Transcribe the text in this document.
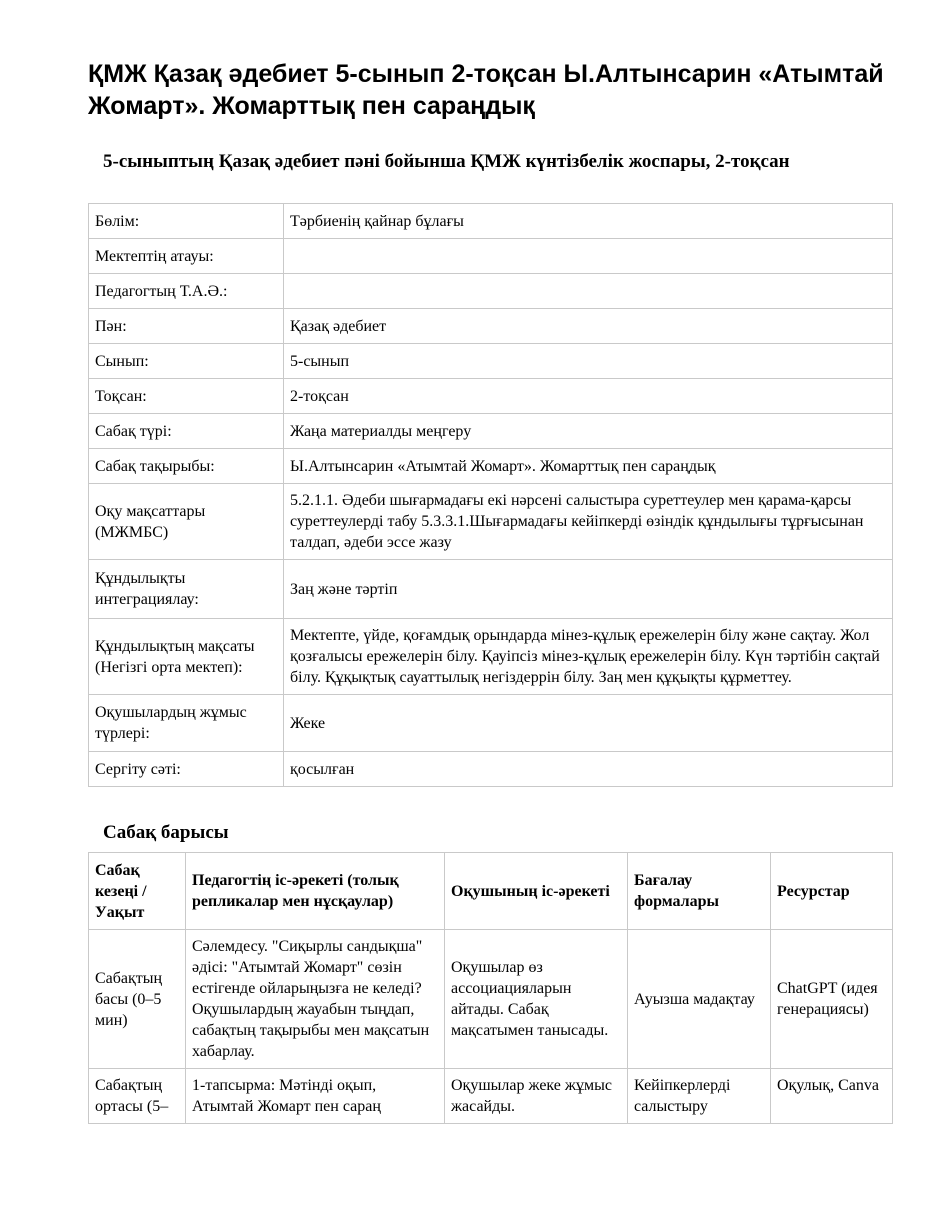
ҚМЖ Қазақ әдебиет 5-сынып 2-тоқсан Ы.Алтынсарин «Атымтай Жомарт». Жомарттық пен сараңдық
5-сыныптың Қазақ әдебиет пәні бойынша ҚМЖ күнтізбелік жоспары, 2-тоқсан
Бөлім:	Тәрбиенің қайнар бұлағы
Мектептің атауы:	
Педагогтың Т.А.Ә.:	
Пән:	Қазақ әдебиет
Сынып:	5-сынып
Тоқсан:	2-тоқсан
Сабақ түрі:	Жаңа материалды меңгеру
Сабақ тақырыбы:	Ы.Алтынсарин «Атымтай Жомарт». Жомарттық пен сараңдық
Оқу мақсаттары (МЖМБС)	5.2.1.1. Әдеби шығармадағы екі нәрсені салыстыра суреттеулер мен қарама-қарсы суреттеулерді табу 5.3.3.1.Шығармадағы кейіпкерді өзіндік құндылығы тұрғысынан талдап, әдеби эссе жазу
Құндылықты интеграциялау:	Заң және тәртіп
Құндылықтың мақсаты (Негізгі орта мектеп):	Мектепте, үйде, қоғамдық орындарда мінез-құлық ережелерін білу және сақтау. Жол қозғалысы ережелерін білу. Қауіпсіз мінез-құлық ережелерін білу. Күн тәртібін сақтай білу. Құқықтық сауаттылық негіздеррін білу. Заң мен құқықты құрметтеу.
Оқушылардың жұмыс түрлері:	Жеке
Сергіту сәті:	қосылған
Сабақ барысы
Сабақ кезеңі / Уақыт	Педагогтің іс-әрекеті (толық репликалар мен нұсқаулар)	Оқушының іс-әрекеті	Бағалау формалары	Ресурстар
Сабақтың басы (0–5 мин)	Сәлемдесу. "Сиқырлы сандықша" әдісі: "Атымтай Жомарт" сөзін естігенде ойларыңызға не келеді? Оқушылардың жауабын тыңдап, сабақтың тақырыбы мен мақсатын хабарлау.	Оқушылар өз ассоциацияларын айтады. Сабақ мақсатымен танысады.	Ауызша мадақтау	ChatGPT (идея генерациясы)
Сабақтың ортасы (5–	1-тапсырма: Мәтінді оқып, Атымтай Жомарт пен сараң	Оқушылар жеке жұмыс жасайды.	Кейіпкерлерді салыстыру	Оқулық, Canva
